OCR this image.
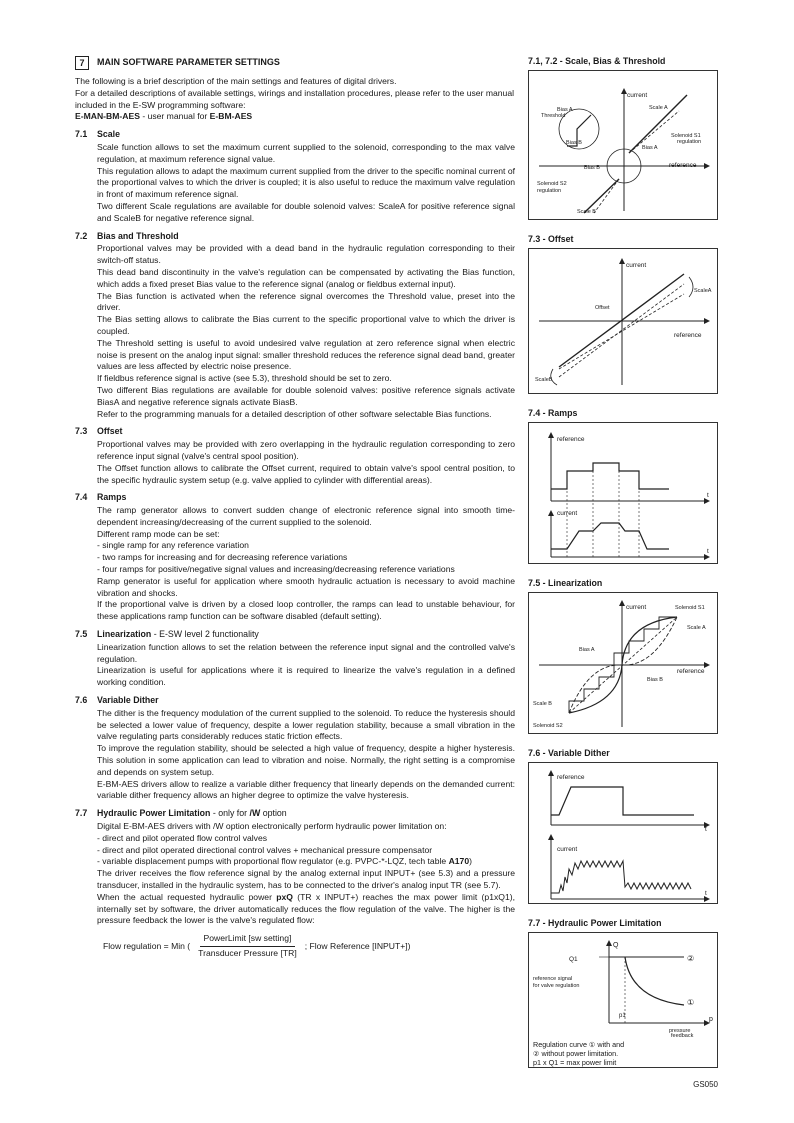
7	MAIN SOFTWARE PARAMETER SETTINGS

The following is a brief description of the main settings and features of digital drivers.

For a detailed descriptions of available settings, wirings and installation procedures, please refer to the user manual included in the E-SW programming software:

E-MAN-BM-AES - user manual for E-BM-AES

7.1	Scale

Scale function allows to set the maximum current supplied to the solenoid, corresponding to the max valve regulation, at maximum reference signal value.

This regulation allows to adapt the maximum current supplied from the driver to the specific nominal current of the proportional valves to which the driver is coupled; it is also useful to reduce the maximum valve regulation in front of maximum reference signal.

Two different Scale regulations are available for double solenoid valves: ScaleA for positive reference signal and ScaleB for negative reference signal.

7.2	Bias and Threshold

Proportional valves may be provided with a dead band in the hydraulic regulation corresponding to their switch-off status.

This dead band discontinuity in the valve's regulation can be compensated by activating the Bias function, which adds a fixed preset Bias value to the reference signal (analog or fieldbus external input).

The Bias function is activated when the reference signal overcomes the Threshold value, preset into the driver.

The Bias setting allows to calibrate the Bias current to the specific proportional valve to which the driver is coupled.

The Threshold setting is useful to avoid undesired valve regulation at zero reference signal when electric noise is present on the analog input signal: smaller threshold reduces the reference signal dead band, greater values are less affected by electric noise presence.

If fieldbus reference signal is active (see 5.3), threshold should be set to zero.

Two different Bias regulations are available for double solenoid valves: positive reference signals activate BiasA and negative reference signals activate BiasB.

Refer to the programming manuals for a detailed description of other software selectable Bias functions.

7.3	Offset

Proportional valves may be provided with zero overlapping in the hydraulic regulation corresponding to zero reference input signal (valve's central spool position).

The Offset function allows to calibrate the Offset current, required to obtain valve's spool central position, to the specific hydraulic system setup (e.g. valve applied to cylinder with differential areas).

7.4	Ramps

The ramp generator allows to convert sudden change of electronic reference signal into smooth time-dependent increasing/decreasing of the current supplied to the solenoid.

Different ramp mode can be set:

- single ramp for any reference variation
- two ramps for increasing and for decreasing reference variations
- four ramps for positive/negative signal values and increasing/decreasing reference variations

Ramp generator is useful for application where smooth hydraulic actuation is necessary to avoid machine vibration and shocks.

If the proportional valve is driven by a closed loop controller, the ramps can lead to unstable behaviour, for these applications ramp function can be software disabled (default setting).

7.5	Linearization - E-SW level 2 functionality

Linearization function allows to set the relation between the reference input signal and the controlled valve's regulation.

Linearization is useful for applications where it is required to linearize the valve's regulation in a defined working condition.

7.6	Variable Dither

The dither is the frequency modulation of the current supplied to the solenoid. To reduce the hysteresis should be selected a lower value of frequency, despite a lower regulation stability, because a small vibration in the valve regulating parts considerably reduces static friction effects.

To improve the regulation stability, should be selected a high value of frequency, despite a higher hysteresis. This solution in some application can lead to vibration and noise. Normally, the right setting is a compromise and depends on system setup.

E-BM-AES drivers allow to realize a variable dither frequency that linearly depends on the demanded current: variable dither frequency allows an higher degree to optimize the valve hysteresis.

7.7	Hydraulic Power Limitation - only for /W option

Digital E-BM-AES drivers with /W option electronically perform hydraulic power limitation on:

- direct and pilot operated flow control valves
- direct and pilot operated directional control valves + mechanical pressure compensator
- variable displacement pumps with proportional flow regulator (e.g. PVPC-*-LQZ, tech table A170)

The driver receives the flow reference signal by the analog external input INPUT+ (see 5.3) and a pressure transducer, installed in the hydraulic system, has to be connected to the driver's analog input TR (see 5.7).

When the actual requested hydraulic power pxQ (TR x INPUT+) reaches the max power limit (p1xQ1), internally set by software, the driver automatically reduces the flow regulation of the valve. The higher is the pressure feedback the lower is the valve's regulated flow:

Flow regulation = Min ( $\frac{\text{PowerLimit [sw setting]}}{\text{Transducer Pressure [TR]}}$ ; Flow Reference [INPUT+])
7.1, 7.2 - Scale, Bias & Threshold
current
reference
Bias A
Threshold
Scale A
Bias B
Bias A
Solenoid S1
regulation
Bias B
Solenoid S2
regulation
Scale B
7.3 - Offset
current
Offset
ScaleA
reference
ScaleB
7.4 - Ramps
reference
current
t
t
7.5 - Linearization
current	Solenoid S1
Scale A
Bias A
Bias B
reference
Scale B
Solenoid S2
7.6 - Variable Dither
reference
current
t
t
7.7 - Hydraulic Power Limitation
Q
Q1	②
reference signal
for valve regulation
①
p1	p
pressure
feedback
Regulation curve ① with and
② without power limitation.
p1 x Q1 = max power limit
GS050
